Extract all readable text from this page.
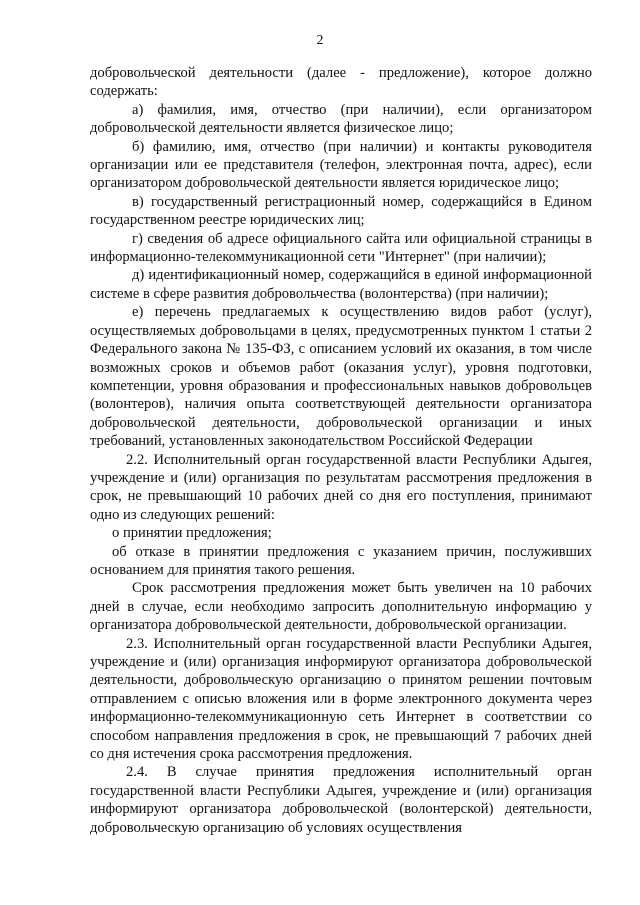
2

добровольческой деятельности (далее - предложение), которое должно содержать:

а) фамилия, имя, отчество (при наличии), если организатором добровольческой деятельности является физическое лицо;

б) фамилию, имя, отчество (при наличии) и контакты руководителя организации или ее представителя (телефон, электронная почта, адрес), если организатором добровольческой деятельности является юридическое лицо;

в) государственный регистрационный номер, содержащийся в Едином государственном реестре юридических лиц;

г) сведения об адресе официального сайта или официальной страницы в информационно-телекоммуникационной сети "Интернет" (при наличии);

д) идентификационный номер, содержащийся в единой информационной системе в сфере развития добровольчества (волонтерства) (при наличии);

е) перечень предлагаемых к осуществлению видов работ (услуг), осуществляемых добровольцами в целях, предусмотренных пунктом 1 статьи 2 Федерального закона № 135-ФЗ, с описанием условий их оказания, в том числе возможных сроков и объемов работ (оказания услуг), уровня подготовки, компетенции, уровня образования и профессиональных навыков добровольцев (волонтеров), наличия опыта соответствующей деятельности организатора добровольческой деятельности, добровольческой организации и иных требований, установленных законодательством Российской Федерации

2.2. Исполнительный орган государственной власти Республики Адыгея, учреждение и (или) организация по результатам рассмотрения предложения в срок, не превышающий 10 рабочих дней со дня его поступления, принимают одно из следующих решений:

о принятии предложения;

об отказе в принятии предложения с указанием причин, послуживших основанием для принятия такого решения.

Срок рассмотрения предложения может быть увеличен на 10 рабочих дней в случае, если необходимо запросить дополнительную информацию у организатора добровольческой деятельности, добровольческой организации.

2.3. Исполнительный орган государственной власти Республики Адыгея, учреждение и (или) организация информируют организатора добровольческой деятельности, добровольческую организацию о принятом решении почтовым отправлением с описью вложения или в форме электронного документа через информационно-телекоммуникационную сеть Интернет в соответствии со способом направления предложения в срок, не превышающий 7 рабочих дней со дня истечения срока рассмотрения предложения.

2.4. В случае принятия предложения исполнительный орган государственной власти Республики Адыгея, учреждение и (или) организация информируют организатора добровольческой (волонтерской) деятельности, добровольческую организацию об условиях осуществления
